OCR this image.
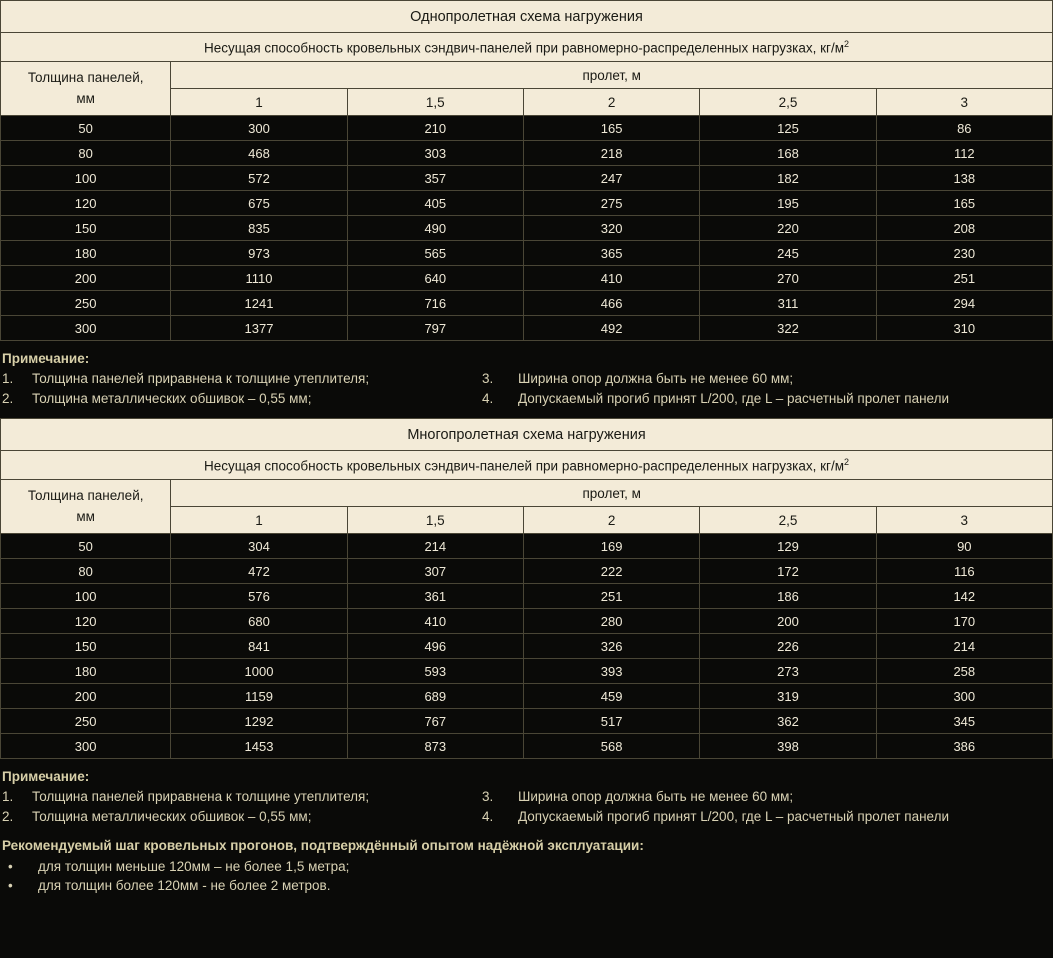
Однопролетная схема нагружения					
Несущая способность кровельных сэндвич-панелей при равномерно-распределенных нагрузках, $кг/м^2$
Толщина панелей,
мм	пролет, м				
	1	1,5	2	2,5	3
50	300	210	165	125	86
80	468	303	218	168	112
100	572	357	247	182	138
120	675	405	275	195	165
150	835	490	320	220	208
180	973	565	365	245	230
200	1110	640	410	270	251
250	1241	716	466	311	294
300	1377	797	492	322	310
Примечание:
1.	Толщина панелей приравнена к толщине утеплителя;	3.	Ширина опор должна быть не менее 60 мм;
2.	Толщина металлических обшивок – 0,55 мм;	4.	Допускаемый прогиб принят L/200, где L – расчетный пролет панели
Многопролетная схема нагружения					
Несущая способность кровельных сэндвич-панелей при равномерно-распределенных нагрузках, $кг/м^2$
Толщина панелей,
мм	пролет, м				
	1	1,5	2	2,5	3
50	304	214	169	129	90
80	472	307	222	172	116
100	576	361	251	186	142
120	680	410	280	200	170
150	841	496	326	226	214
180	1000	593	393	273	258
200	1159	689	459	319	300
250	1292	767	517	362	345
300	1453	873	568	398	386
Примечание:
1.	Толщина панелей приравнена к толщине утеплителя;	3.	Ширина опор должна быть не менее 60 мм;
2.	Толщина металлических обшивок – 0,55 мм;	4.	Допускаемый прогиб принят L/200, где L – расчетный пролет панели
Рекомендуемый шаг кровельных прогонов, подтверждённый опытом надёжной эксплуатации:
•	для толщин меньше 120мм – не более 1,5 метра;
•	для толщин более 120мм - не более 2 метров.
